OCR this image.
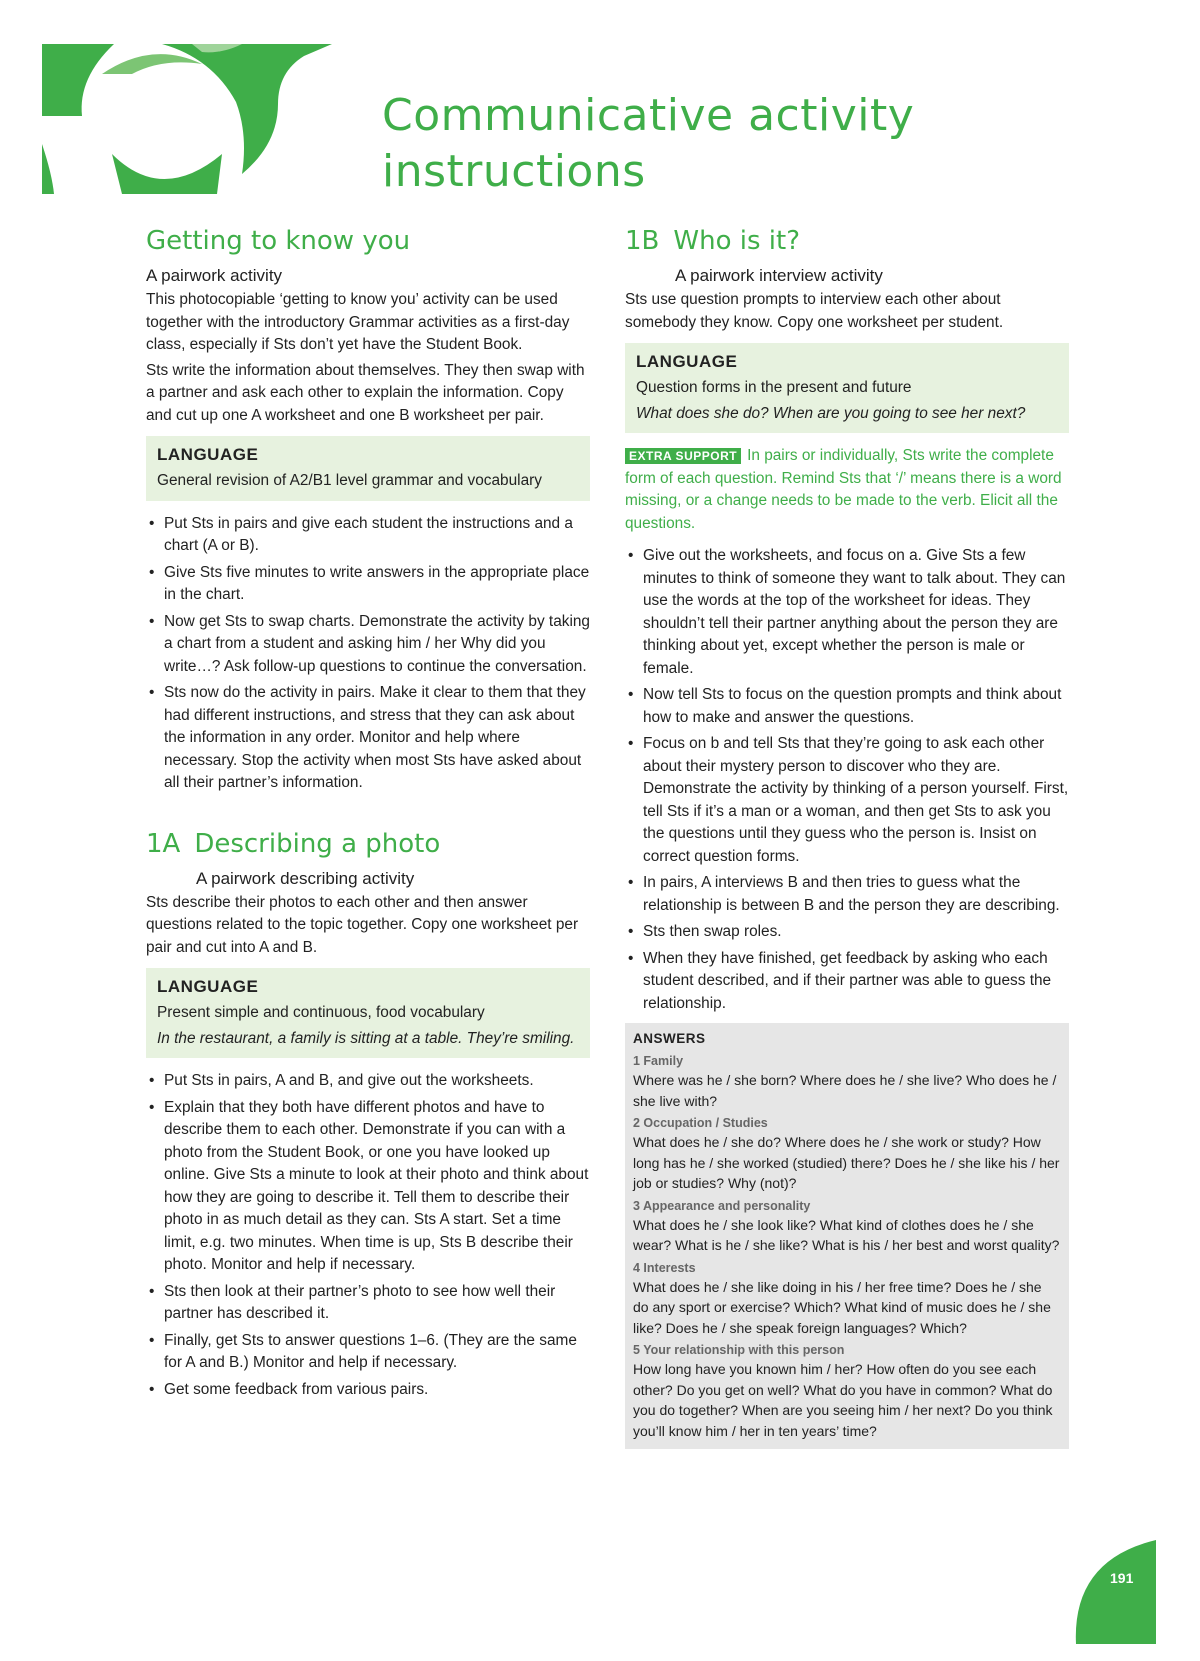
Communicative activity instructions
Getting to know you
A pairwork activity

This photocopiable ‘getting to know you’ activity can be used together with the introductory Grammar activities as a first-day class, especially if Sts don’t yet have the Student Book.

Sts write the information about themselves. They then swap with a partner and ask each other to explain the information. Copy and cut up one A worksheet and one B worksheet per pair.

LANGUAGE
General revision of A2/B1 level grammar and vocabulary
• Put Sts in pairs and give each student the instructions and a chart (A or B).
• Give Sts five minutes to write answers in the appropriate place in the chart.
• Now get Sts to swap charts. Demonstrate the activity by taking a chart from a student and asking him / her Why did you write…? Ask follow-up questions to continue the conversation.
• Sts now do the activity in pairs. Make it clear to them that they had different instructions, and stress that they can ask about the information in any order. Monitor and help where necessary. Stop the activity when most Sts have asked about all their partner’s information.
1A Describing a photo
A pairwork describing activity

Sts describe their photos to each other and then answer questions related to the topic together. Copy one worksheet per pair and cut into A and B.

LANGUAGE
Present simple and continuous, food vocabulary
In the restaurant, a family is sitting at a table. They’re smiling.
• Put Sts in pairs, A and B, and give out the worksheets.
• Explain that they both have different photos and have to describe them to each other. Demonstrate if you can with a photo from the Student Book, or one you have looked up online. Give Sts a minute to look at their photo and think about how they are going to describe it. Tell them to describe their photo in as much detail as they can. Sts A start. Set a time limit, e.g. two minutes. When time is up, Sts B describe their photo. Monitor and help if necessary.
• Sts then look at their partner’s photo to see how well their partner has described it.
• Finally, get Sts to answer questions 1–6. (They are the same for A and B.) Monitor and help if necessary.
• Get some feedback from various pairs.
1B Who is it?
A pairwork interview activity

Sts use question prompts to interview each other about somebody they know. Copy one worksheet per student.

LANGUAGE
Question forms in the present and future
What does she do? When are you going to see her next?
EXTRA SUPPORT In pairs or individually, Sts write the complete form of each question. Remind Sts that ‘/’ means there is a word missing, or a change needs to be made to the verb. Elicit all the questions.
• Give out the worksheets, and focus on a. Give Sts a few minutes to think of someone they want to talk about. They can use the words at the top of the worksheet for ideas. They shouldn’t tell their partner anything about the person they are thinking about yet, except whether the person is male or female.
• Now tell Sts to focus on the question prompts and think about how to make and answer the questions.
• Focus on b and tell Sts that they’re going to ask each other about their mystery person to discover who they are. Demonstrate the activity by thinking of a person yourself. First, tell Sts if it’s a man or a woman, and then get Sts to ask you the questions until they guess who the person is. Insist on correct question forms.
• In pairs, A interviews B and then tries to guess what the relationship is between B and the person they are describing.
• Sts then swap roles.
• When they have finished, get feedback by asking who each student described, and if their partner was able to guess the relationship.
ANSWERS
1 Family
Where was he / she born? Where does he / she live? Who does he / she live with?
2 Occupation / Studies
What does he / she do? Where does he / she work or study? How long has he / she worked (studied) there? Does he / she like his / her job or studies? Why (not)?
3 Appearance and personality
What does he / she look like? What kind of clothes does he / she wear? What is he / she like? What is his / her best and worst quality?
4 Interests
What does he / she like doing in his / her free time? Does he / she do any sport or exercise? Which? What kind of music does he / she like? Does he / she speak foreign languages? Which?
5 Your relationship with this person
How long have you known him / her? How often do you see each other? Do you get on well? What do you have in common? What do you do together? When are you seeing him / her next? Do you think you’ll know him / her in ten years’ time?
191
